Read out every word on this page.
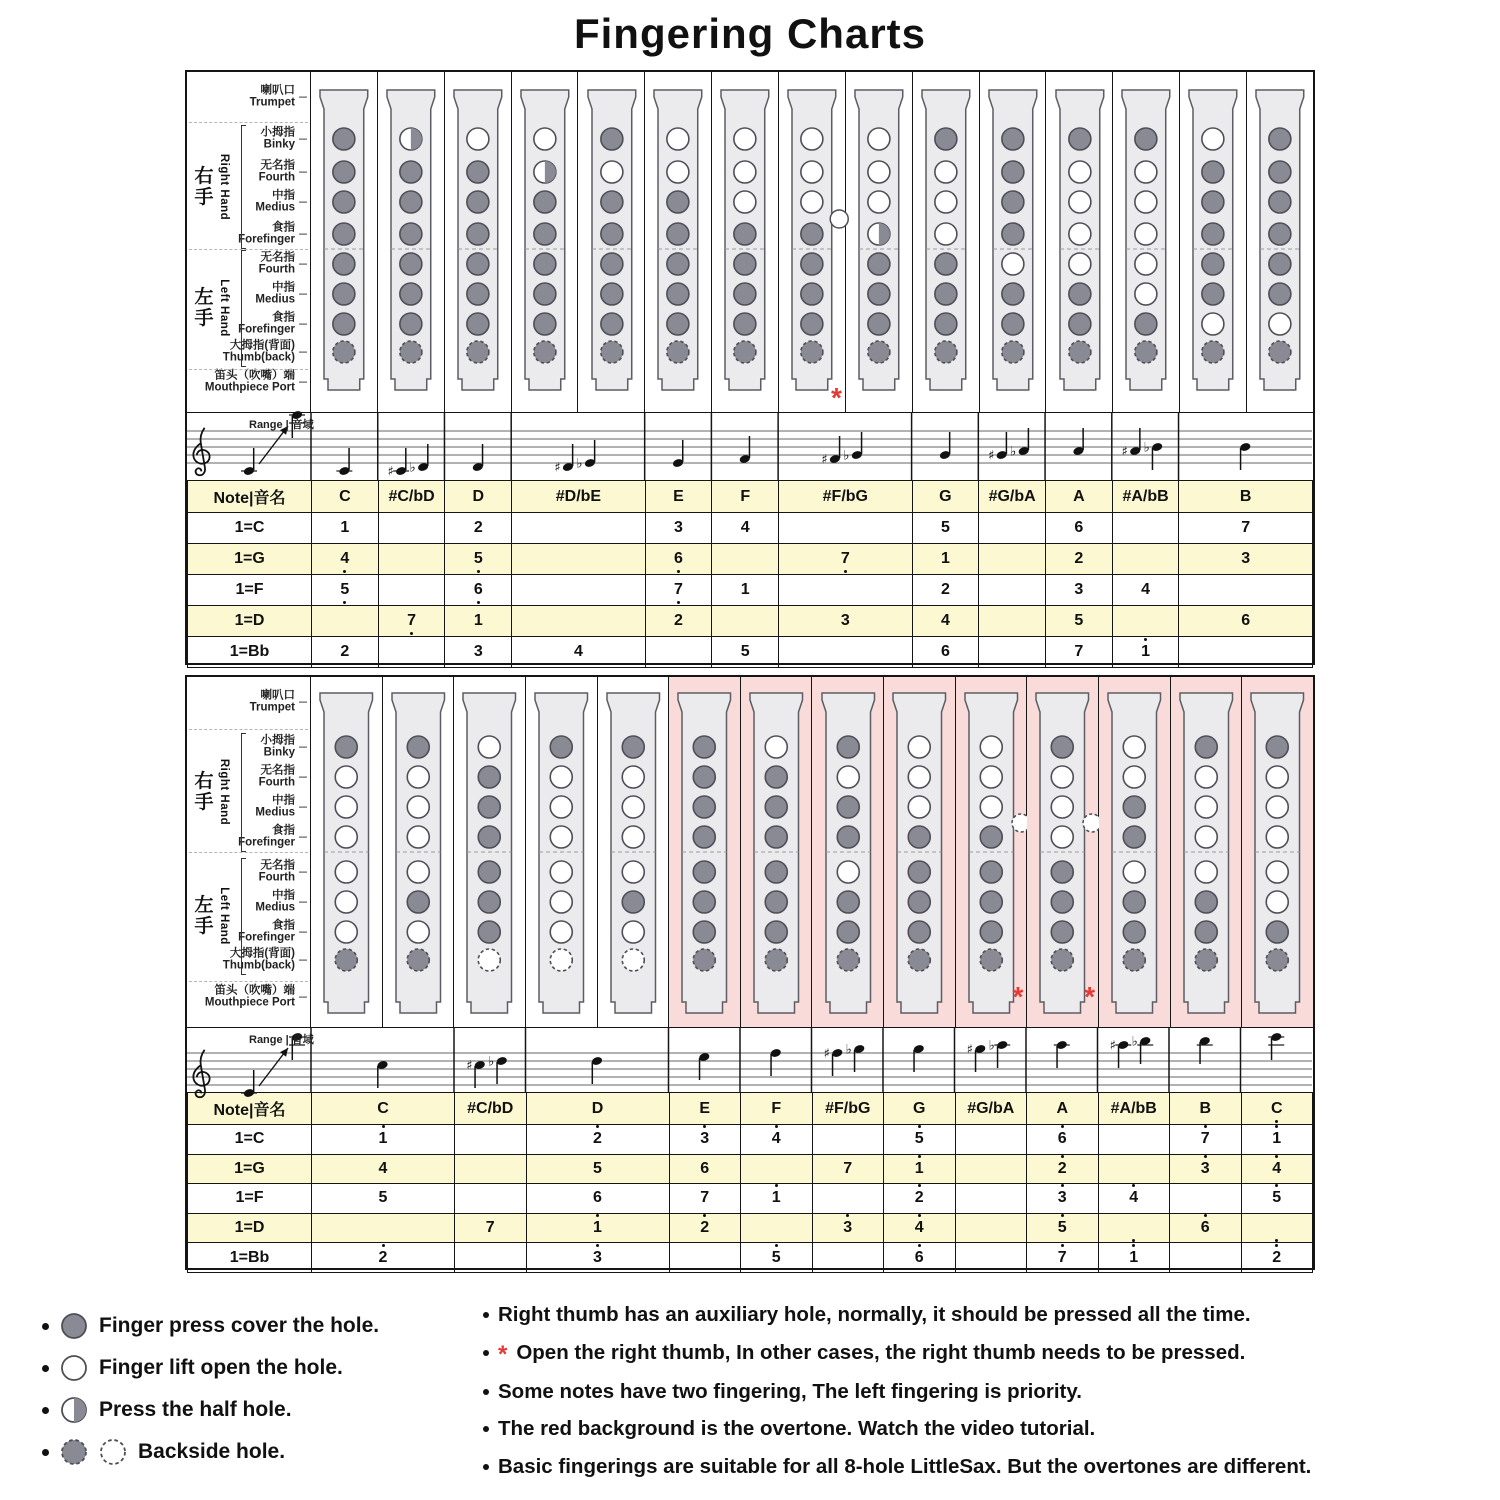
Fingering Charts
喇叭口
Trumpet
小拇指
Binky
无名指
Fourth
中指
Medius
食指
Forefinger
无名指
Fourth
中指
Medius
食指
Forefinger
大拇指(背面)
Thumb(back)
笛头（吹嘴）端
Mouthpiece Port
右手 Right Hand
左手 Left Hand
*
♯ ♭	♯ ♭	♯ ♭	♯ ♭	♯ ♭
Range | 音域
Note|音名	C	#C/bD	D	#D/bE	E	F	#F/bG	G	#G/bA	A	#A/bB	B
1=C	1		2		3	4		5		6		7
1=G	4		5		6		7	1		2		3
1=F	5		6		7	1		2		3	4	
1=D		7	1		2		3	4		5		6
1=Bb	2		3	4		5		6		7	1

喇叭口
Trumpet
小拇指
Binky
无名指
Fourth
中指
Medius
食指
Forefinger
无名指
Fourth
中指
Medius
食指
Forefinger
大拇指(背面)
Thumb(back)
笛头（吹嘴）端
Mouthpiece Port
右手 Right Hand
左手 Left Hand
* *
♯ ♭
♯ ♭	♯ ♭	♯ ♭
Range | 音域
Note|音名	C	#C/bD	D	E	F	#F/bG	G	#G/bA	A	#A/bB	B	C
1=C	1		2	3	4		5		6		7	1

1=G	4		5	6		7	1		2		3	4

1=F	5		6	7	1		2		3	4		5

1=D		7	1	2		3	4		5		6

1=Bb	2		3		5		6		7	1		2
Finger press cover the hole.
Finger lift open the hole.
Press the half hole.
Backside hole.
Right thumb has an auxiliary hole, normally, it should be pressed all the time.
* Open the right thumb, In other cases, the right thumb needs to be pressed.
Some notes have two fingering, The left fingering is priority.
The red background is the overtone. Watch the video tutorial.
Basic fingerings are suitable for all 8-hole LittleSax. But the overtones are different.
